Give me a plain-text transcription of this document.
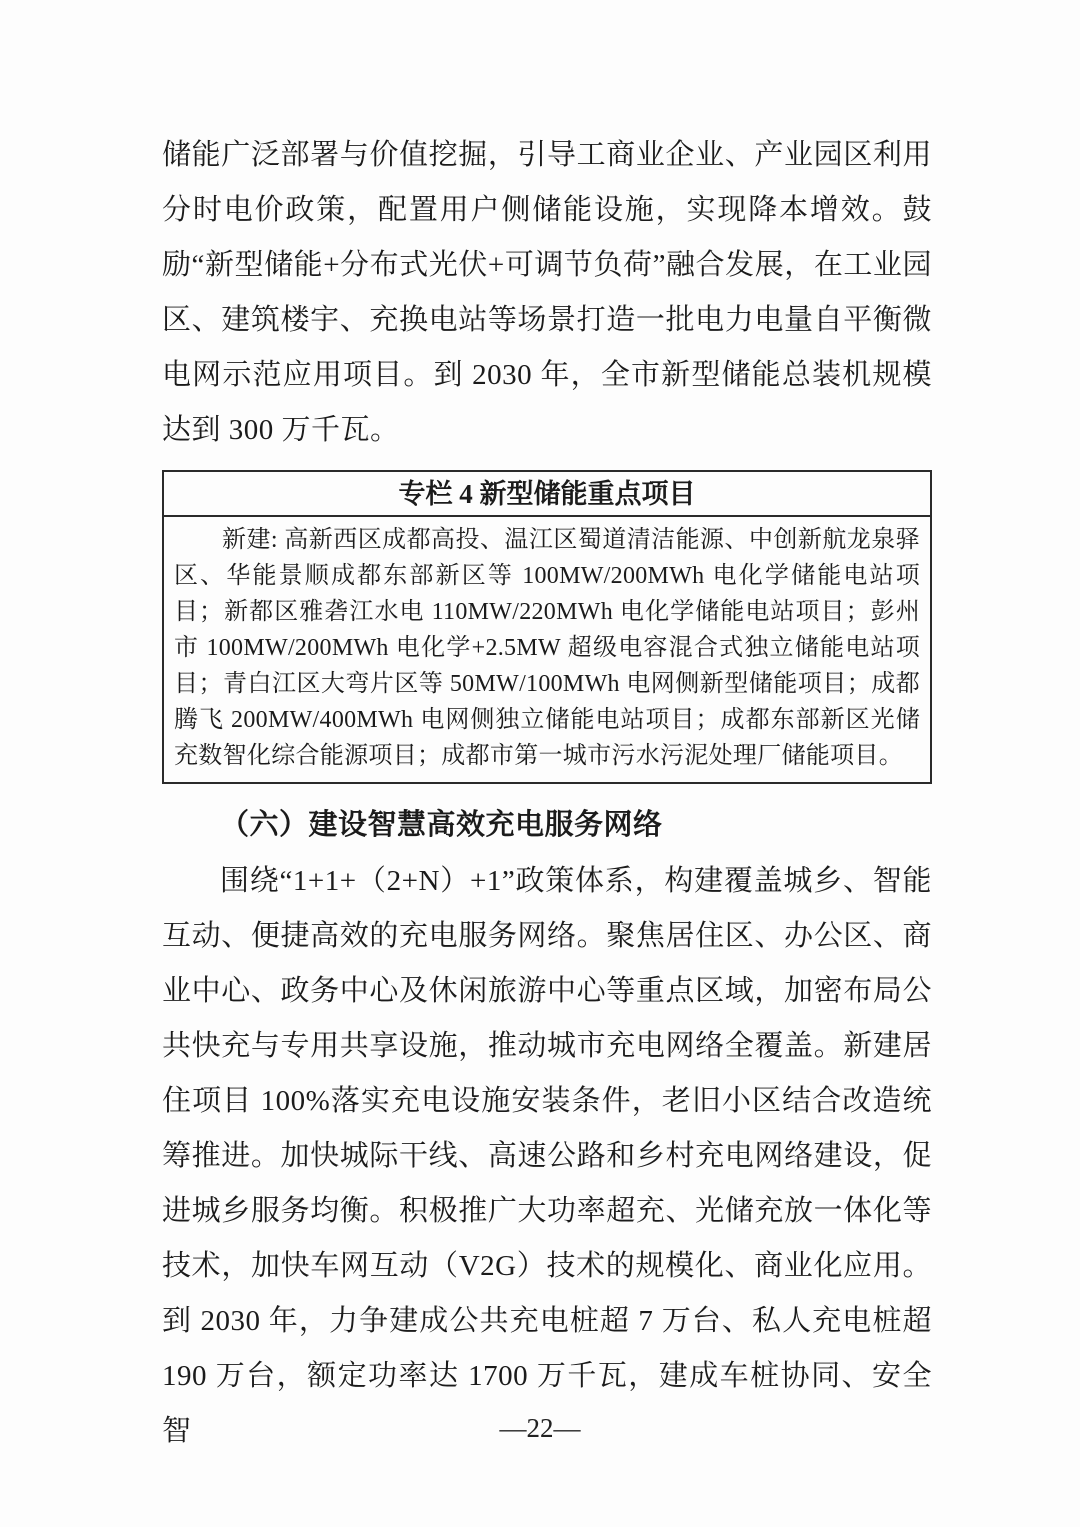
储能广泛部署与价值挖掘，引导工商业企业、产业园区利用分时电价政策，配置用户侧储能设施，实现降本增效。鼓励“新型储能+分布式光伏+可调节负荷”融合发展，在工业园区、建筑楼宇、充换电站等场景打造一批电力电量自平衡微电网示范应用项目。到 2030 年，全市新型储能总装机规模达到 300 万千瓦。

专栏 4 新型储能重点项目

新建: 高新西区成都高投、温江区蜀道清洁能源、中创新航龙泉驿区、华能景顺成都东部新区等 100MW/200MWh 电化学储能电站项目；新都区雅砻江水电 110MW/220MWh 电化学储能电站项目；彭州市 100MW/200MWh 电化学+2.5MW 超级电容混合式独立储能电站项目；青白江区大弯片区等 50MW/100MWh 电网侧新型储能项目；成都腾飞 200MW/400MWh 电网侧独立储能电站项目；成都东部新区光储充数智化综合能源项目；成都市第一城市污水污泥处理厂储能项目。

（六）建设智慧高效充电服务网络

围绕“1+1+（2+N）+1”政策体系，构建覆盖城乡、智能互动、便捷高效的充电服务网络。聚焦居住区、办公区、商业中心、政务中心及休闲旅游中心等重点区域，加密布局公共快充与专用共享设施，推动城市充电网络全覆盖。新建居住项目 100%落实充电设施安装条件，老旧小区结合改造统筹推进。加快城际干线、高速公路和乡村充电网络建设，促进城乡服务均衡。积极推广大功率超充、光储充放一体化等技术，加快车网互动（V2G）技术的规模化、商业化应用。到 2030 年，力争建成公共充电桩超 7 万台、私人充电桩超 190 万台，额定功率达 1700 万千瓦，建成车桩协同、安全智	—22—
